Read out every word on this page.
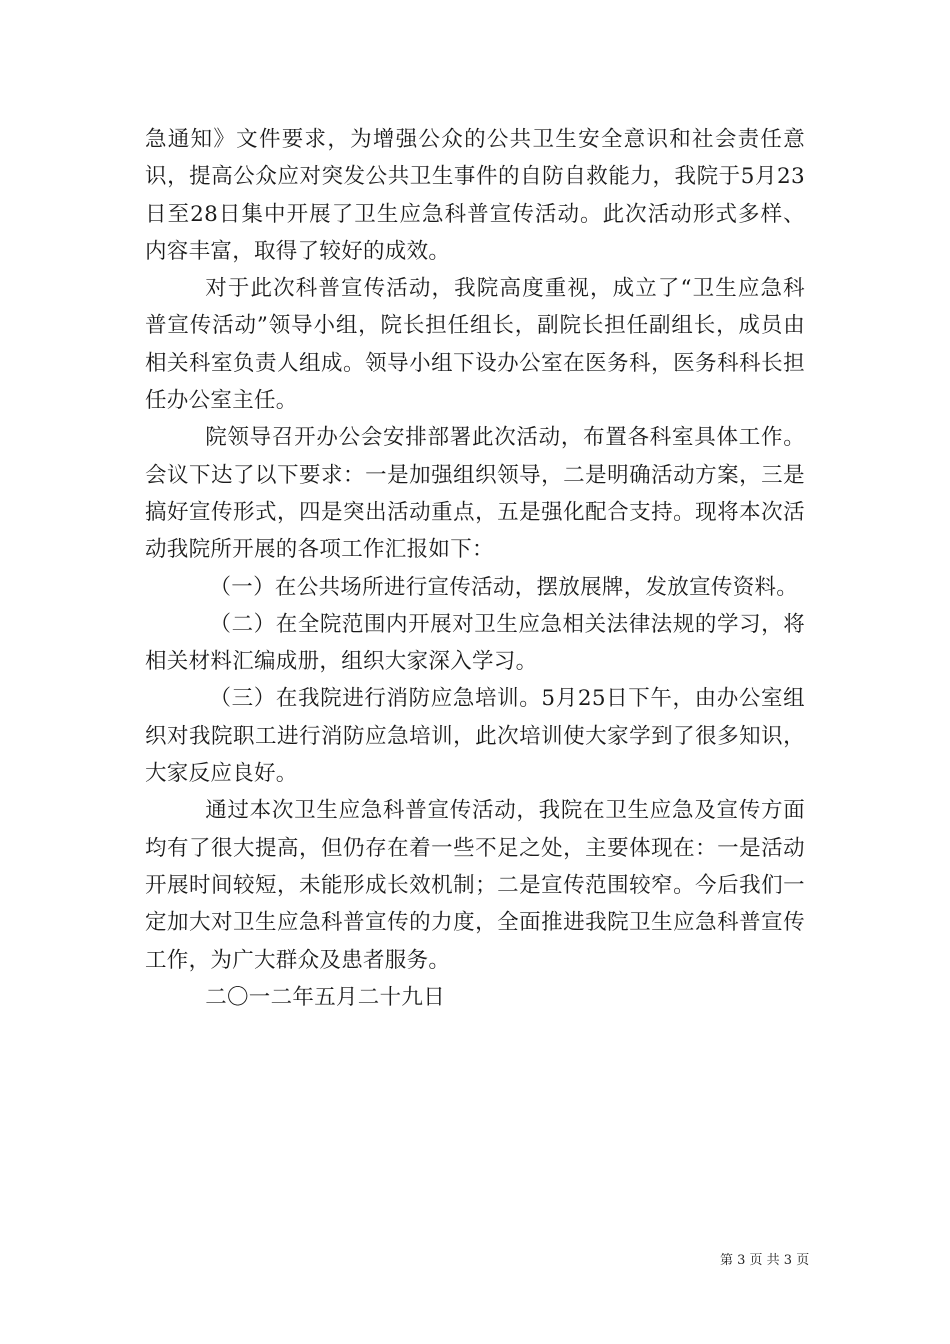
急通知》文件要求，为增强公众的公共卫生安全意识和社会责任意识，提高公众应对突发公共卫生事件的自防自救能力，我院于5月23日至28日集中开展了卫生应急科普宣传活动。此次活动形式多样、内容丰富，取得了较好的成效。

对于此次科普宣传活动，我院高度重视，成立了“卫生应急科普宣传活动”领导小组，院长担任组长，副院长担任副组长，成员由相关科室负责人组成。领导小组下设办公室在医务科，医务科科长担任办公室主任。

院领导召开办公会安排部署此次活动，布置各科室具体工作。会议下达了以下要求：一是加强组织领导，二是明确活动方案，三是搞好宣传形式，四是突出活动重点，五是强化配合支持。现将本次活动我院所开展的各项工作汇报如下：

（一）在公共场所进行宣传活动，摆放展牌，发放宣传资料。

（二）在全院范围内开展对卫生应急相关法律法规的学习，将相关材料汇编成册，组织大家深入学习。

（三）在我院进行消防应急培训。5月25日下午，由办公室组织对我院职工进行消防应急培训，此次培训使大家学到了很多知识，大家反应良好。

通过本次卫生应急科普宣传活动，我院在卫生应急及宣传方面均有了很大提高，但仍存在着一些不足之处，主要体现在：一是活动开展时间较短，未能形成长效机制；二是宣传范围较窄。今后我们一定加大对卫生应急科普宣传的力度，全面推进我院卫生应急科普宣传工作，为广大群众及患者服务。

二〇一二年五月二十九日

第 3 页 共 3 页
